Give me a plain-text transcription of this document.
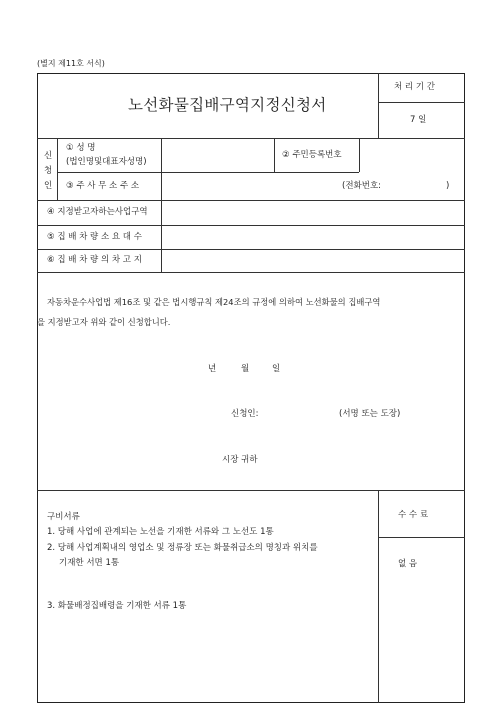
(별지 제11호 서식)
노선화물집배구역지정신청서
처 리 기 간
7 일
신
청
인
① 성 명
(법인명및대표자성명)
② 주민등록번호
③ 주 사 무 소 주 소	(전화번호:	)
④ 지정받고자하는사업구역
⑤ 집 배 차 량 소 요 대 수
⑥ 집 배 차 량 의 차 고 지
자동차운수사업법 제16조 및 같은 법시행규칙 제24조의 규정에 의하여 노선화물의 집배구역
을 지정받고자 위와 같이 신청합니다.
년	월	일
신청인:	(서명 또는 도장)
시장 귀하
구비서류
1. 당해 사업에 관계되는 노선을 기재한 서류와 그 노선도 1통
2. 당해 사업계획내의 영업소 및 정류장 또는 화물취급소의 명칭과 위치를
기재한 서면 1통
3. 화물배정집배령을 기재한 서류 1통
수 수 료
없 음
